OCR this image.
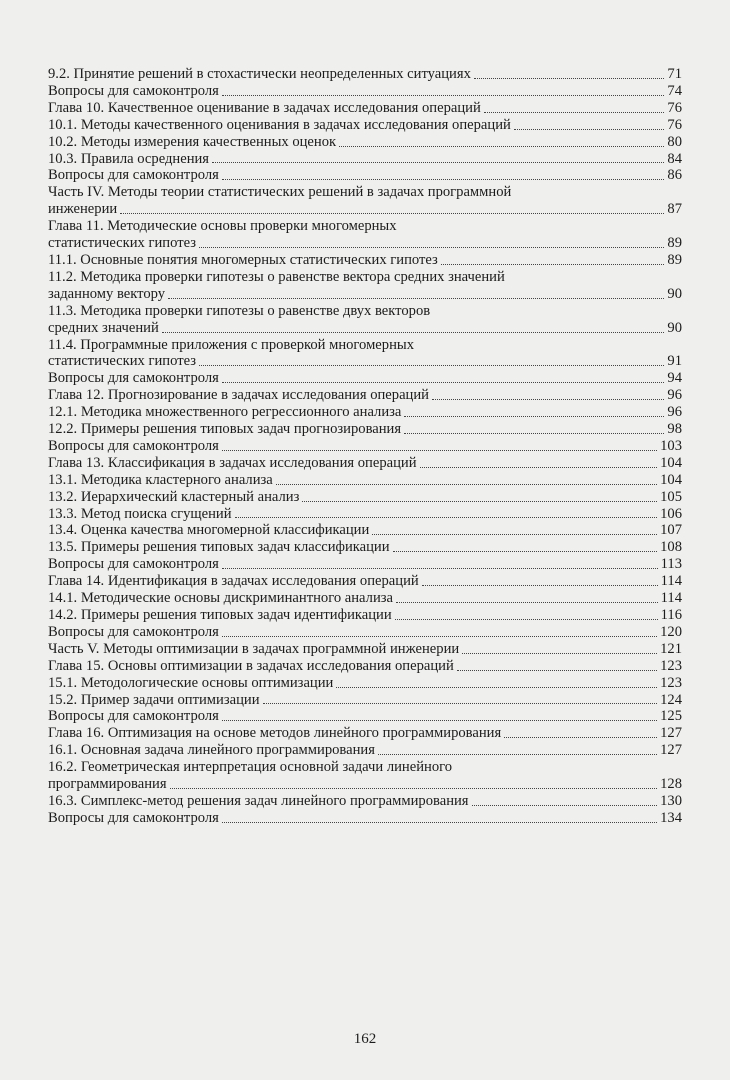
9.2. Принятие решений в стохастически неопределенных ситуациях	71
Вопросы для самоконтроля	74
Глава 10. Качественное оценивание в задачах исследования операций	76
10.1. Методы качественного оценивания в задачах исследования операций	76
10.2. Методы измерения качественных оценок	80
10.3. Правила осреднения	84
Вопросы для самоконтроля	86
Часть IV. Методы теории статистических решений в задачах программной
инженерии	87
Глава 11. Методические основы проверки многомерных
статистических гипотез	89
11.1. Основные понятия многомерных статистических гипотез	89
11.2. Методика проверки гипотезы о равенстве вектора средних значений
заданному вектору	90
11.3. Методика проверки гипотезы о равенстве двух векторов
средних значений	90
11.4. Программные приложения с проверкой многомерных
статистических гипотез	91
Вопросы для самоконтроля	94
Глава 12. Прогнозирование в задачах исследования операций	96
12.1. Методика множественного регрессионного анализа	96
12.2. Примеры решения типовых задач прогнозирования	98
Вопросы для самоконтроля	103
Глава 13. Классификация в задачах исследования операций	104
13.1. Методика кластерного анализа	104
13.2. Иерархический кластерный анализ	105
13.3. Метод поиска сгущений	106
13.4. Оценка качества многомерной классификации	107
13.5. Примеры решения типовых задач классификации	108
Вопросы для самоконтроля	113
Глава 14. Идентификация в задачах исследования операций	114
14.1. Методические основы дискриминантного анализа	114
14.2. Примеры решения типовых задач идентификации	116
Вопросы для самоконтроля	120
Часть V. Методы оптимизации в задачах программной инженерии	121
Глава 15. Основы оптимизации в задачах исследования операций	123
15.1. Методологические основы оптимизации	123
15.2. Пример задачи оптимизации	124
Вопросы для самоконтроля	125
Глава 16. Оптимизация на основе методов линейного программирования	127
16.1. Основная задача линейного программирования	127
16.2. Геометрическая интерпретация основной задачи линейного
программирования	128
16.3. Симплекс-метод решения задач линейного программирования	130
Вопросы для самоконтроля	134
162
